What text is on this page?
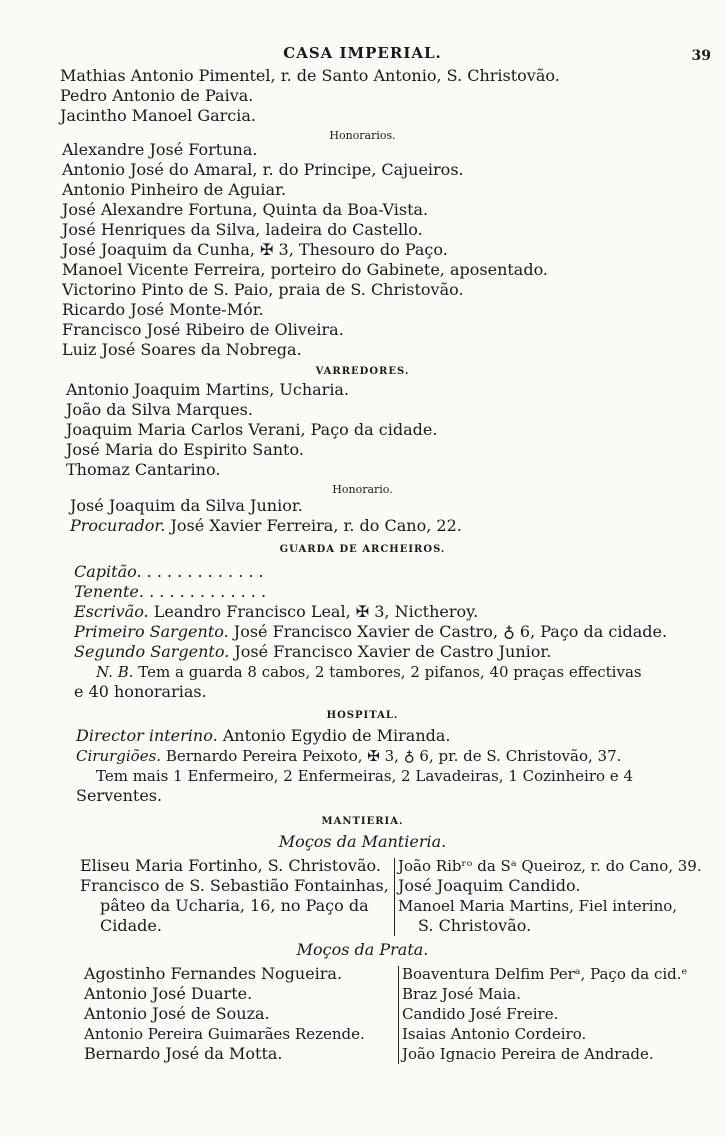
CASA IMPERIAL.	39
Mathias Antonio Pimentel, r. de Santo Antonio, S. Christovão.
Pedro Antonio de Paiva.
Jacintho Manoel Garcia.
Honorarios.
Alexandre José Fortuna.
Antonio José do Amaral, r. do Principe, Cajueiros.
Antonio Pinheiro de Aguiar.
José Alexandre Fortuna, Quinta da Boa-Vista.
José Henriques da Silva, ladeira do Castello.
José Joaquim da Cunha, ✠ 3, Thesouro do Paço.
Manoel Vicente Ferreira, porteiro do Gabinete, aposentado.
Victorino Pinto de S. Paio, praia de S. Christovão.
Ricardo José Monte-Mór.
Francisco José Ribeiro de Oliveira.
Luiz José Soares da Nobrega.
VARREDORES.
Antonio Joaquim Martins, Ucharia.
João da Silva Marques.
Joaquim Maria Carlos Verani, Paço da cidade.
José Maria do Espirito Santo.
Thomaz Cantarino.
Honorario.
José Joaquim da Silva Junior.
Procurador. José Xavier Ferreira, r. do Cano, 22.
GUARDA DE ARCHEIROS.
Capitão. . . . . . . . . . . . .
Tenente. . . . . . . . . . . . .
Escrivão. Leandro Francisco Leal, ✠ 3, Nictheroy.
Primeiro Sargento. José Francisco Xavier de Castro, ♁ 6, Paço da cidade.
Segundo Sargento. José Francisco Xavier de Castro Junior.
N. B. Tem a guarda 8 cabos, 2 tambores, 2 pifanos, 40 praças effectivas
e 40 honorarias.
HOSPITAL.
Director interino. Antonio Egydio de Miranda.
Cirurgiões. Bernardo Pereira Peixoto, ✠ 3, ♁ 6, pr. de S. Christovão, 37.
Tem mais 1 Enfermeiro, 2 Enfermeiras, 2 Lavadeiras, 1 Cozinheiro e 4
Serventes.
MANTIERIA.
Moços da Mantieria.
Eliseu Maria Fortinho, S. Christovão.
Francisco de S. Sebastião Fontainhas,
pâteo da Ucharia, 16, no Paço da
Cidade.
João Ribʳᵒ da Sᵃ Queiroz, r. do Cano, 39.
José Joaquim Candido.
Manoel Maria Martins, Fiel interino,
S. Christovão.
Moços da Prata.
Agostinho Fernandes Nogueira.
Antonio José Duarte.
Antonio José de Souza.
Antonio Pereira Guimarães Rezende.
Bernardo José da Motta.
Boaventura Delfim Perᵃ, Paço da cid.ᵉ
Braz José Maia.
Candido José Freire.
Isaias Antonio Cordeiro.
João Ignacio Pereira de Andrade.
